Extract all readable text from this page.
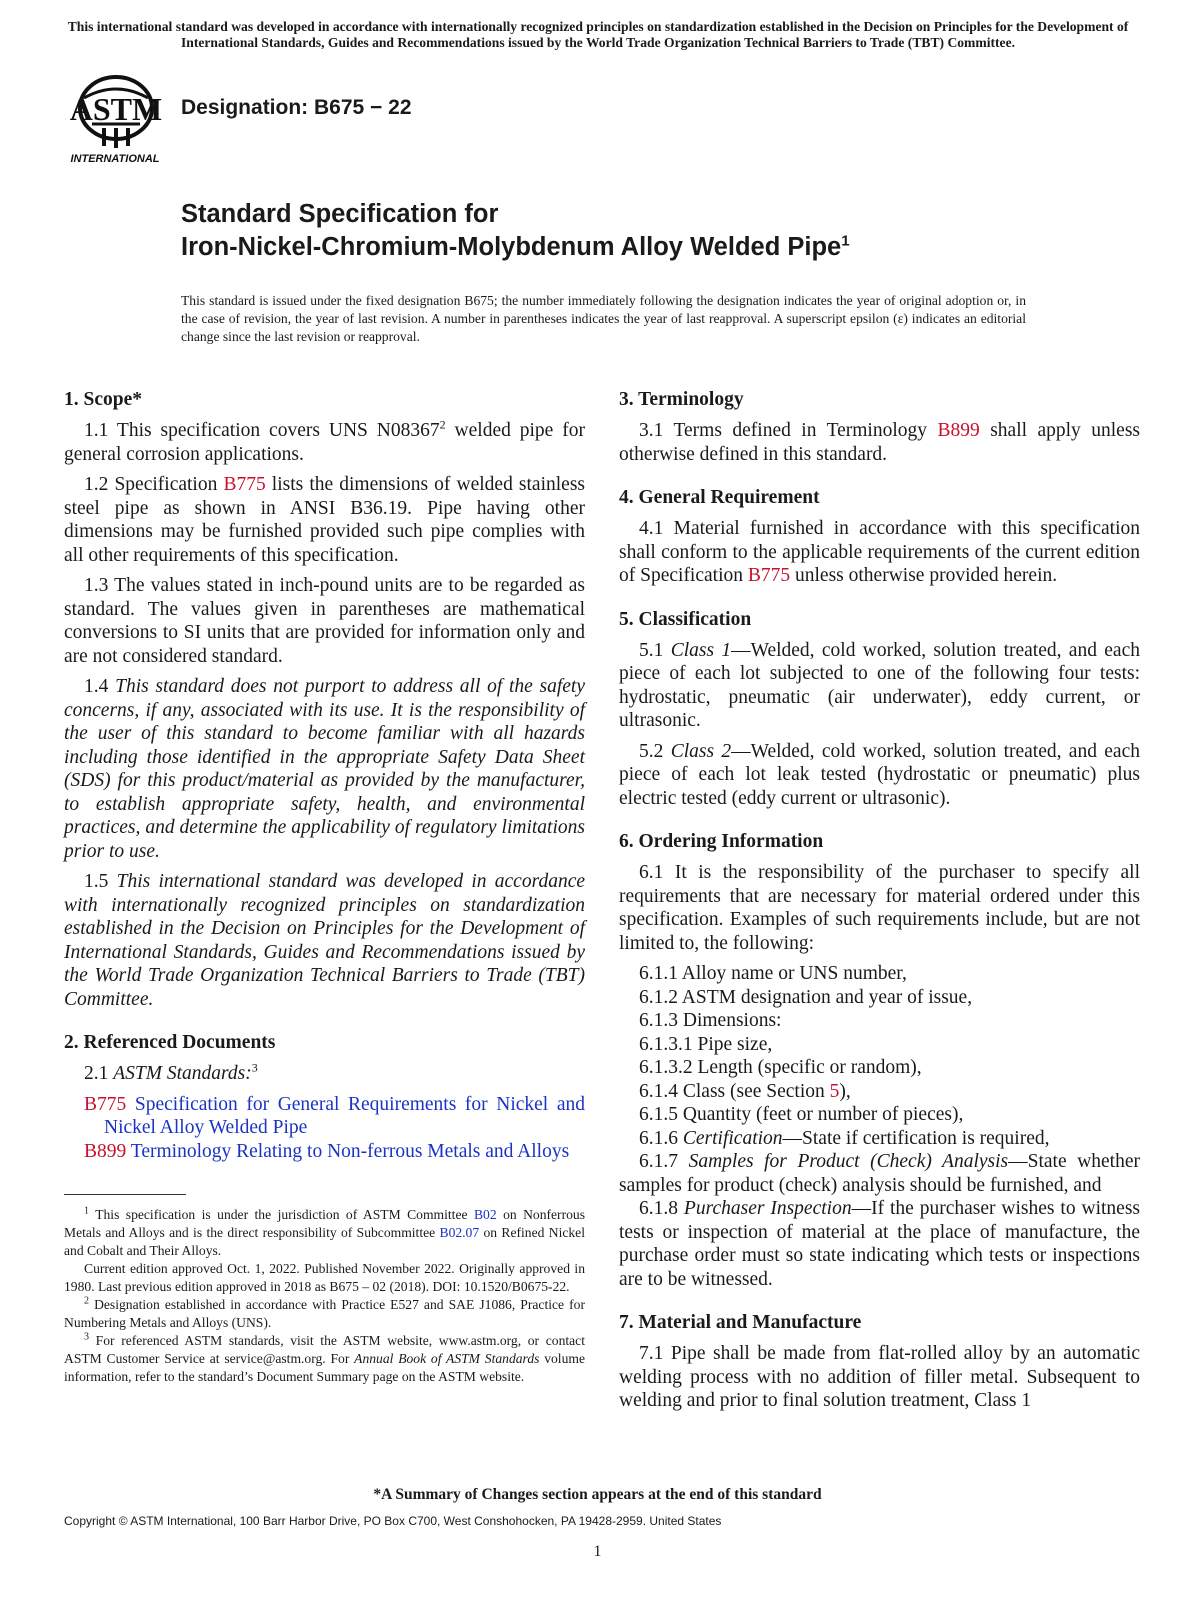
This international standard was developed in accordance with internationally recognized principles on standardization established in the Decision on Principles for the Development of International Standards, Guides and Recommendations issued by the World Trade Organization Technical Barriers to Trade (TBT) Committee.
ASTM
INTERNATIONAL
Designation: B675 − 22
Standard Specification for
Iron-Nickel-Chromium-Molybdenum Alloy Welded Pipe$^1$
This standard is issued under the fixed designation B675; the number immediately following the designation indicates the year of original adoption or, in the case of revision, the year of last revision. A number in parentheses indicates the year of last reapproval. A superscript epsilon (ε) indicates an editorial change since the last revision or reapproval.
1. Scope*

1.1 This specification covers UNS N08367$^2$ welded pipe for general corrosion applications.

1.2 Specification B775 lists the dimensions of welded stainless steel pipe as shown in ANSI B36.19. Pipe having other dimensions may be furnished provided such pipe complies with all other requirements of this specification.

1.3 The values stated in inch-pound units are to be regarded as standard. The values given in parentheses are mathematical conversions to SI units that are provided for information only and are not considered standard.

1.4 This standard does not purport to address all of the safety concerns, if any, associated with its use. It is the responsibility of the user of this standard to become familiar with all hazards including those identified in the appropriate Safety Data Sheet (SDS) for this product/material as provided by the manufacturer, to establish appropriate safety, health, and environmental practices, and determine the applicability of regulatory limitations prior to use.

1.5 This international standard was developed in accordance with internationally recognized principles on standardization established in the Decision on Principles for the Development of International Standards, Guides and Recommendations issued by the World Trade Organization Technical Barriers to Trade (TBT) Committee.

2. Referenced Documents

2.1 ASTM Standards:$^3$

B775 Specification for General Requirements for Nickel and Nickel Alloy Welded Pipe
B899 Terminology Relating to Non-ferrous Metals and Alloys
3. Terminology

3.1 Terms defined in Terminology B899 shall apply unless otherwise defined in this standard.

4. General Requirement

4.1 Material furnished in accordance with this specification shall conform to the applicable requirements of the current edition of Specification B775 unless otherwise provided herein.

5. Classification

5.1 Class 1—Welded, cold worked, solution treated, and each piece of each lot subjected to one of the following four tests: hydrostatic, pneumatic (air underwater), eddy current, or ultrasonic.

5.2 Class 2—Welded, cold worked, solution treated, and each piece of each lot leak tested (hydrostatic or pneumatic) plus electric tested (eddy current or ultrasonic).

6. Ordering Information

6.1 It is the responsibility of the purchaser to specify all requirements that are necessary for material ordered under this specification. Examples of such requirements include, but are not limited to, the following:

6.1.1 Alloy name or UNS number,

6.1.2 ASTM designation and year of issue,

6.1.3 Dimensions:

6.1.3.1 Pipe size,

6.1.3.2 Length (specific or random),

6.1.4 Class (see Section 5),

6.1.5 Quantity (feet or number of pieces),

6.1.6 Certification—State if certification is required,

6.1.7 Samples for Product (Check) Analysis—State whether samples for product (check) analysis should be furnished, and

6.1.8 Purchaser Inspection—If the purchaser wishes to witness tests or inspection of material at the place of manufacture, the purchase order must so state indicating which tests or inspections are to be witnessed.

7. Material and Manufacture

7.1 Pipe shall be made from flat-rolled alloy by an automatic welding process with no addition of filler metal. Subsequent to welding and prior to final solution treatment, Class 1

$^1$ This specification is under the jurisdiction of ASTM Committee B02 on Nonferrous Metals and Alloys and is the direct responsibility of Subcommittee B02.07 on Refined Nickel and Cobalt and Their Alloys.

Current edition approved Oct. 1, 2022. Published November 2022. Originally approved in 1980. Last previous edition approved in 2018 as B675 – 02 (2018). DOI: 10.1520/B0675-22.

$^2$ Designation established in accordance with Practice E527 and SAE J1086, Practice for Numbering Metals and Alloys (UNS).

$^3$ For referenced ASTM standards, visit the ASTM website, www.astm.org, or contact ASTM Customer Service at service@astm.org. For Annual Book of ASTM Standards volume information, refer to the standard’s Document Summary page on the ASTM website.

*A Summary of Changes section appears at the end of this standard
Copyright © ASTM International, 100 Barr Harbor Drive, PO Box C700, West Conshohocken, PA 19428-2959. United States
1
